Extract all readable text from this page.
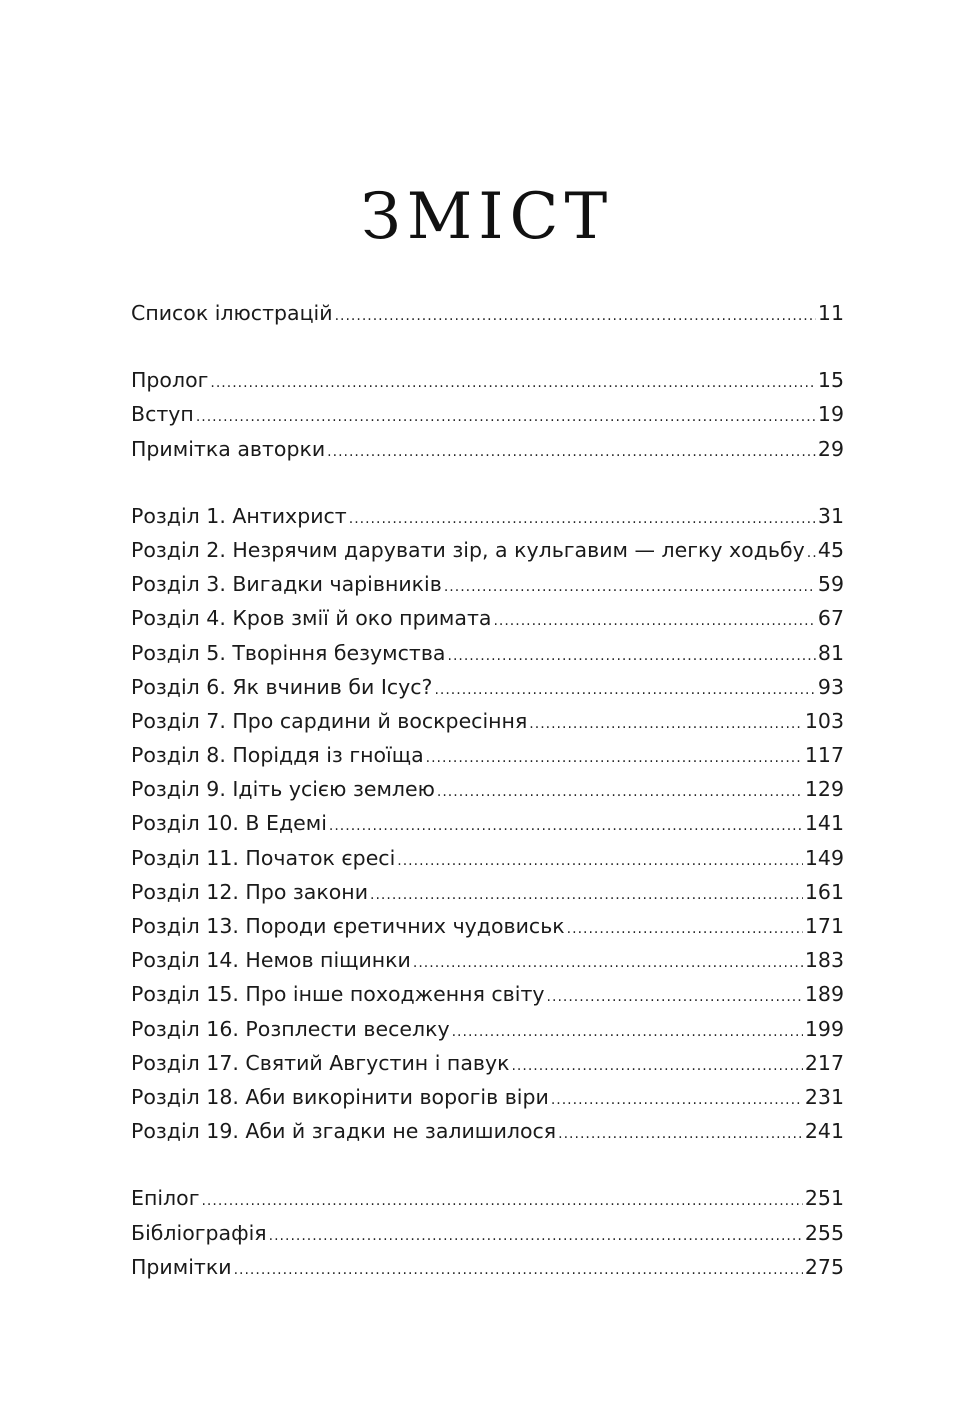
ЗМІСТ
Список ілюстрацій .....	11
Пролог .....	15
Вступ .....	19
Примітка авторки .....	29
Розділ 1. Антихрист .....	31
Розділ 2. Незрячим дарувати зір, а кульгавим — легку ходьбу ..... 45
Розділ 3. Вигадки чарівників .....	59
Розділ 4. Кров змії й око примата .....	67
Розділ 5. Творіння безумства .....	81
Розділ 6. Як вчинив би Ісус? .....	93
Розділ 7. Про сардини й воскресіння .....	103
Розділ 8. Поріддя із гноїща .....	117
Розділ 9. Ідіть усією землею .....	129
Розділ 10. В Едемі .....	141
Розділ 11. Початок єресі .....	149
Розділ 12. Про закони .....	161
Розділ 13. Породи єретичних чудовиськ .....	171
Розділ 14. Немов піщинки .....	183
Розділ 15. Про інше походження світу .....	189
Розділ 16. Розплести веселку .....	199
Розділ 17. Святий Августин і павук .....	217
Розділ 18. Аби викорінити ворогів віри .....	231
Розділ 19. Аби й згадки не залишилося .....	241
Епілог .....	251
Бібліографія .....	255
Примітки .....	275
